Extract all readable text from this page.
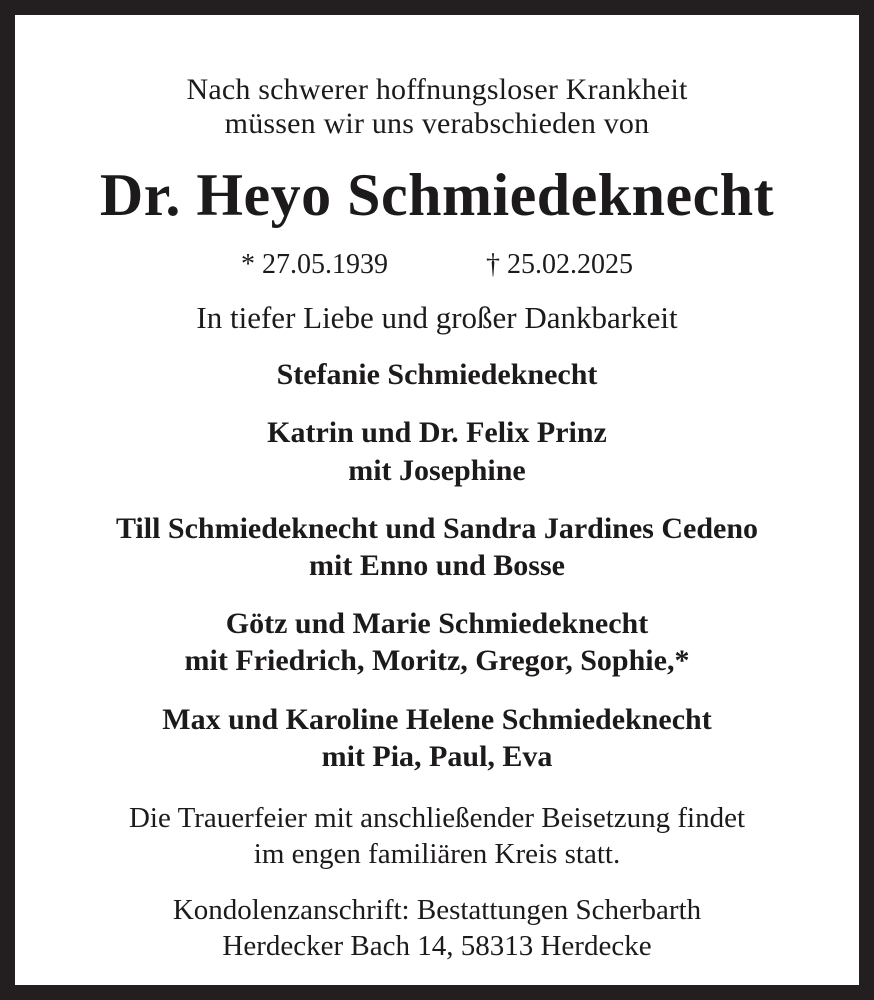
Nach schwerer hoffnungsloser Krankheit
müssen wir uns verabschieden von

Dr. Heyo Schmiedeknecht
* 27.05.1939	† 25.02.2025

In tiefer Liebe und großer Dankbarkeit

Stefanie Schmiedeknecht

Katrin und Dr. Felix Prinz
mit Josephine

Till Schmiedeknecht und Sandra Jardines Cedeno
mit Enno und Bosse

Götz und Marie Schmiedeknecht
mit Friedrich, Moritz, Gregor, Sophie,*

Max und Karoline Helene Schmiedeknecht
mit Pia, Paul, Eva

Die Trauerfeier mit anschließender Beisetzung findet
im engen familiären Kreis statt.

Kondolenzanschrift: Bestattungen Scherbarth
Herdecker Bach 14, 58313 Herdecke
